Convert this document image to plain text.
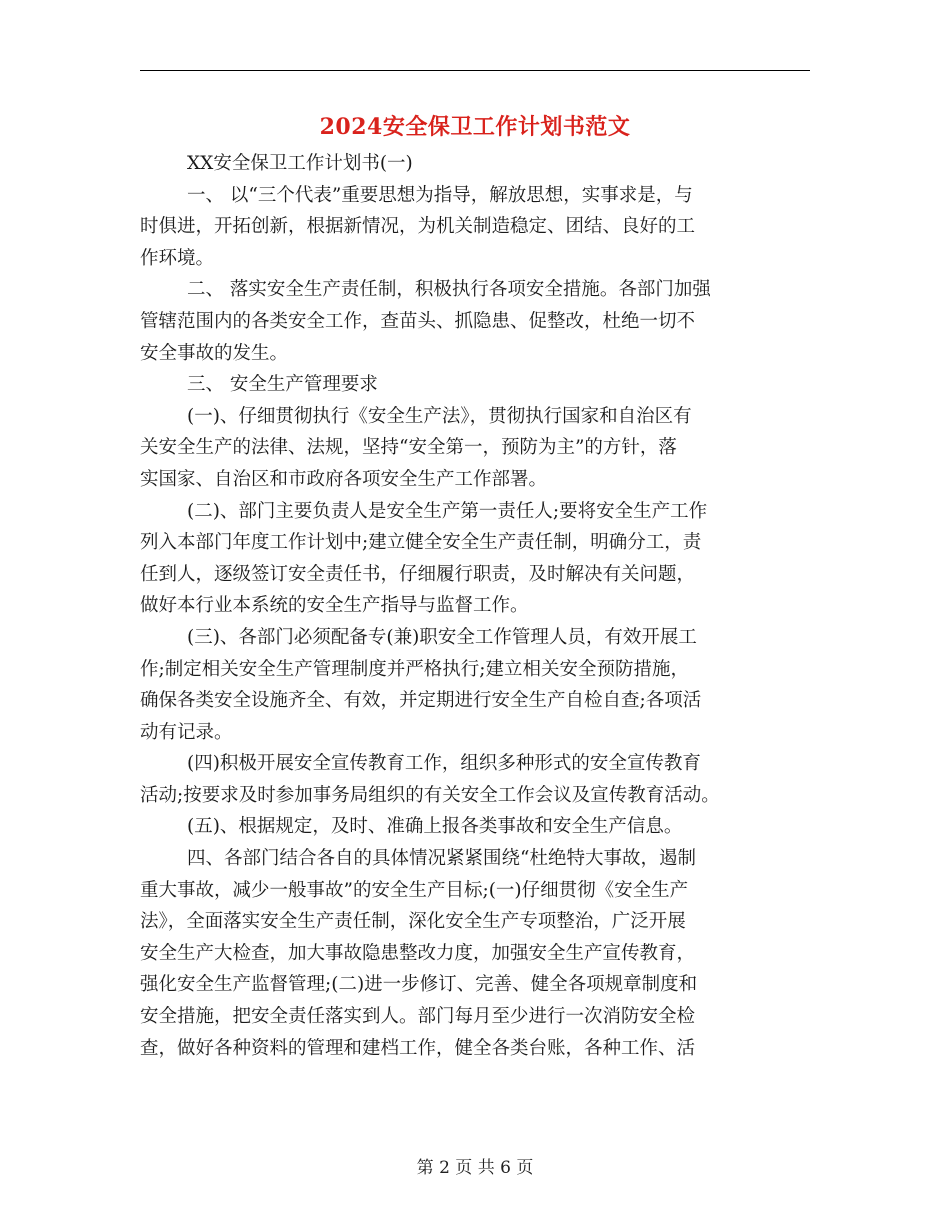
2024安全保卫工作计划书范文
XX安全保卫工作计划书(一)
一、 以“三个代表”重要思想为指导，解放思想，实事求是，与
时俱进，开拓创新，根据新情况，为机关制造稳定、团结、良好的工
作环境。
二、 落实安全生产责任制，积极执行各项安全措施。各部门加强
管辖范围内的各类安全工作，查苗头、抓隐患、促整改，杜绝一切不
安全事故的发生。
三、 安全生产管理要求
(一)、仔细贯彻执行《安全生产法》，贯彻执行国家和自治区有
关安全生产的法律、法规，坚持“安全第一，预防为主”的方针，落
实国家、自治区和市政府各项安全生产工作部署。
(二)、部门主要负责人是安全生产第一责任人;要将安全生产工作
列入本部门年度工作计划中;建立健全安全生产责任制，明确分工，责
任到人，逐级签订安全责任书，仔细履行职责，及时解决有关问题，
做好本行业本系统的安全生产指导与监督工作。
(三)、各部门必须配备专(兼)职安全工作管理人员，有效开展工
作;制定相关安全生产管理制度并严格执行;建立相关安全预防措施，
确保各类安全设施齐全、有效，并定期进行安全生产自检自查;各项活
动有记录。
(四)积极开展安全宣传教育工作，组织多种形式的安全宣传教育
活动;按要求及时参加事务局组织的有关安全工作会议及宣传教育活动。
(五)、根据规定，及时、准确上报各类事故和安全生产信息。
四、各部门结合各自的具体情况紧紧围绕“杜绝特大事故，遏制
重大事故，减少一般事故”的安全生产目标;(一)仔细贯彻《安全生产
法》，全面落实安全生产责任制，深化安全生产专项整治，广泛开展
安全生产大检查，加大事故隐患整改力度，加强安全生产宣传教育，
强化安全生产监督管理;(二)进一步修订、完善、健全各项规章制度和
安全措施，把安全责任落实到人。部门每月至少进行一次消防安全检
查，做好各种资料的管理和建档工作，健全各类台账，各种工作、活
第 2 页 共 6 页
